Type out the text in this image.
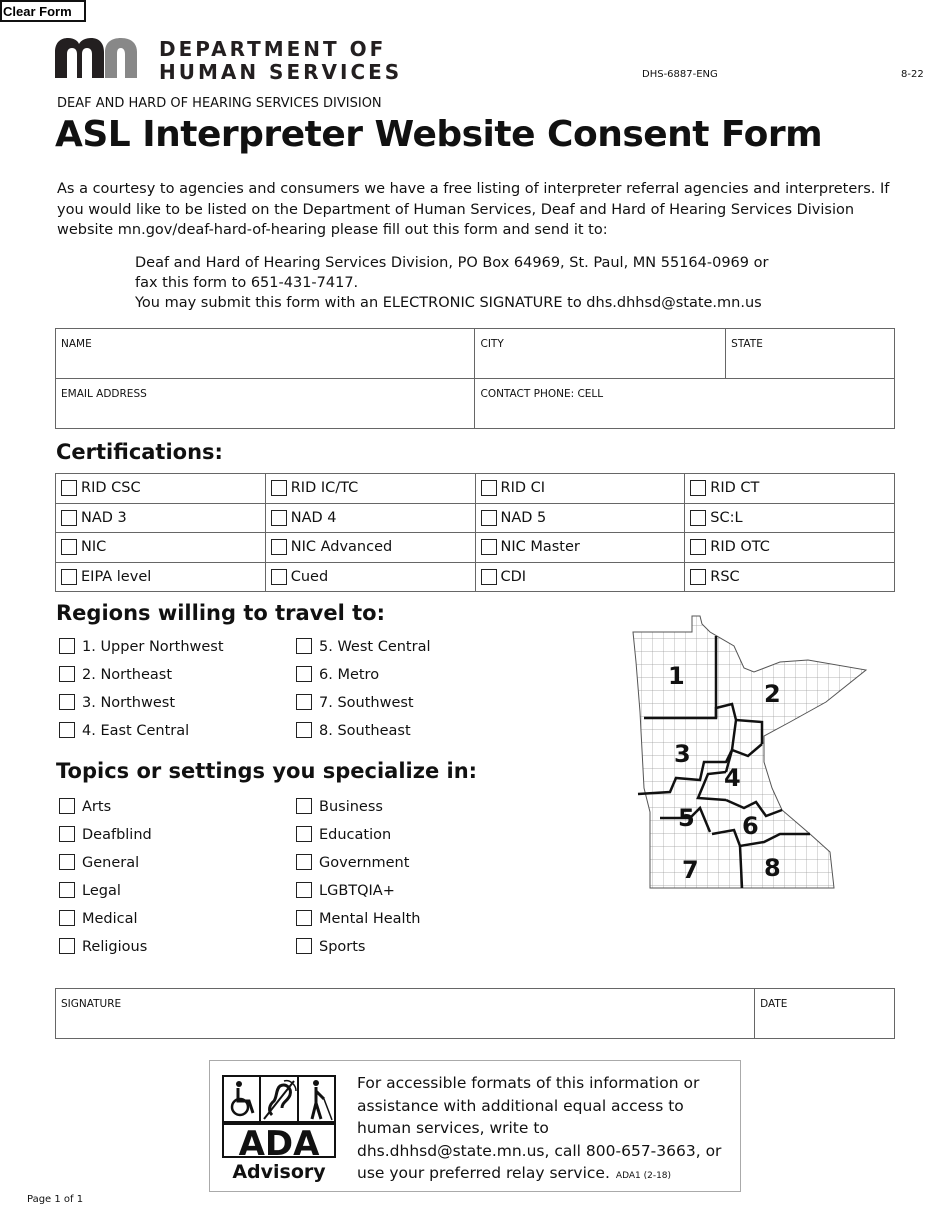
Clear Form
DEPARTMENT OF
HUMAN SERVICES	DHS-6887-ENG	8-22
DEAF AND HARD OF HEARING SERVICES DIVISION
ASL Interpreter Website Consent Form
As a courtesy to agencies and consumers we have a free listing of interpreter referral agencies and interpreters. If you would like to be listed on the Department of Human Services, Deaf and Hard of Hearing Services Division website mn.gov/deaf-hard-of-hearing please fill out this form and send it to:
Deaf and Hard of Hearing Services Division, PO Box 64969, St. Paul, MN 55164-0969 or
fax this form to 651-431-7417.
You may submit this form with an ELECTRONIC SIGNATURE to dhs.dhhsd@state.mn.us
NAME	CITY	STATE

EMAIL ADDRESS	CONTACT PHONE: CELL	
Certifications:
RID CSC	RID IC/TC	RID CI	RID CT
NAD 3	NAD 4	NAD 5	SC:L
NIC	NIC Advanced	NIC Master	RID OTC
EIPA level	Cued	CDI	RSC
Regions willing to travel to:
1. Upper Northwest
2. Northeast
3. Northwest
4. East Central
5. West Central
6. Metro
7. Southwest
8. Southeast
Topics or settings you specialize in:
Arts
Deafblind
General
Legal
Medical
Religious
Business
Education
Government
LGBTQIA+
Mental Health
Sports
1
2
3
4
5 6
7	8
SIGNATURE	DATE
ADA
Advisory
For accessible formats of this information or assistance with additional equal access to human services, write to dhs.dhhsd@state.mn.us, call 800-657-3663, or use your preferred relay service. ADA1 (2-18)
Page 1 of 1
